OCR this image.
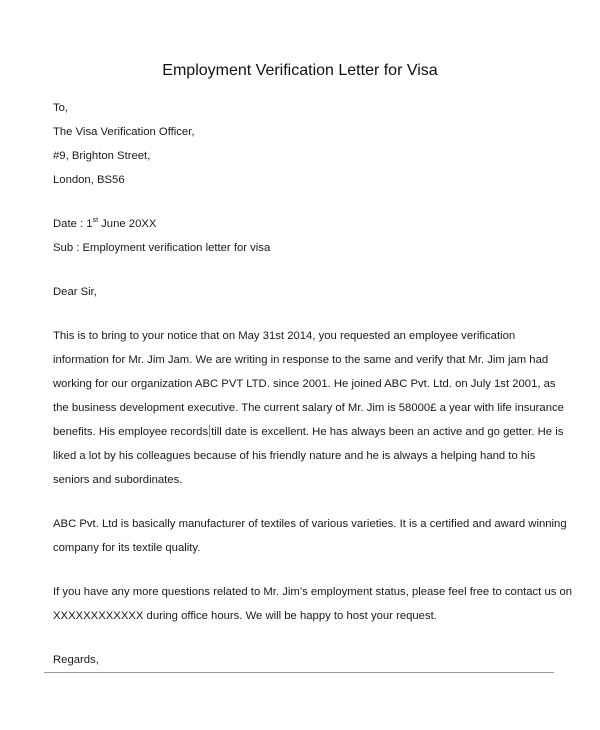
Employment Verification Letter for Visa
To,
The Visa Verification Officer,
#9, Brighton Street,
London, BS56
Date : 1st June 20XX
Sub : Employment verification letter for visa
Dear Sir,
This is to bring to your notice that on May 31st 2014, you requested an employee verification
information for Mr. Jim Jam. We are writing in response to the same and verify that Mr. Jim jam had
working for our organization ABC PVT LTD. since 2001. He joined ABC Pvt. Ltd. on July 1st 2001, as
the business development executive. The current salary of Mr. Jim is 58000£ a year with life insurance
benefits. His employee records till date is excellent. He has always been an active and go getter. He is
liked a lot by his colleagues because of his friendly nature and he is always a helping hand to his
seniors and subordinates.
ABC Pvt. Ltd is basically manufacturer of textiles of various varieties. It is a certified and award winning
company for its textile quality.
If you have any more questions related to Mr. Jim’s employment status, please feel free to contact us on
XXXXXXXXXXXX during office hours. We will be happy to host your request.
Regards,
